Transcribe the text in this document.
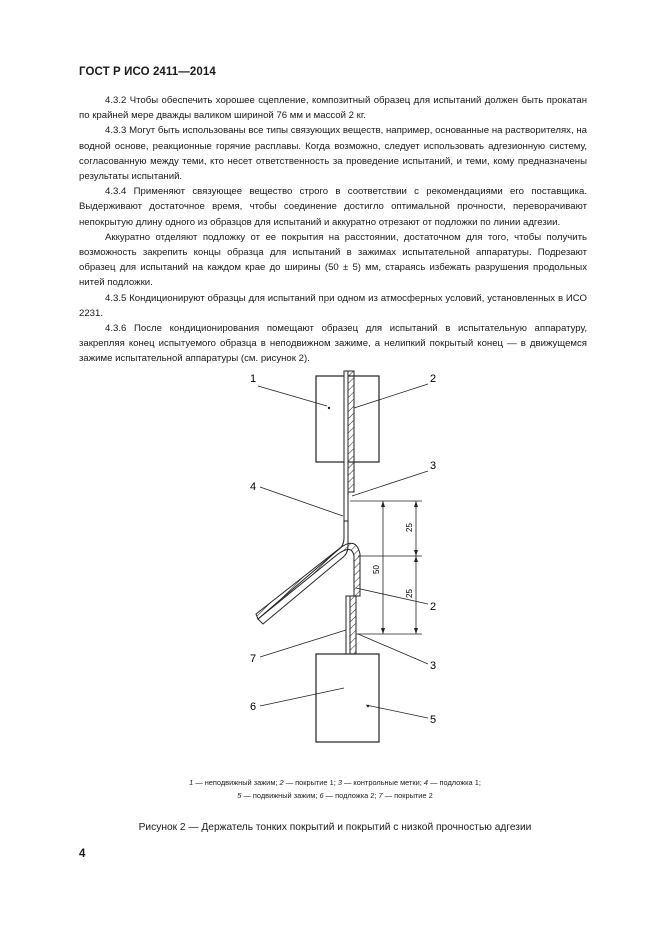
ГОСТ Р ИСО 2411—2014

4.3.2 Чтобы обеспечить хорошее сцепление, композитный образец для испытаний должен быть прокатан по крайней мере дважды валиком шириной 76 мм и массой 2 кг.

4.3.3 Могут быть использованы все типы связующих веществ, например, основанные на растворителях, на водной основе, реакционные горячие расплавы. Когда возможно, следует использовать адгезионную систему, согласованную между теми, кто несет ответственность за проведение испытаний, и теми, кому предназначены результаты испытаний.

4.3.4 Применяют связующее вещество строго в соответствии с рекомендациями его поставщика. Выдерживают достаточное время, чтобы соединение достигло оптимальной прочности, переворачивают непокрытую длину одного из образцов для испытаний и аккуратно отрезают от подложки по линии адгезии.

Аккуратно отделяют подложку от ее покрытия на расстоянии, достаточном для того, чтобы получить возможность закрепить концы образца для испытаний в зажимах испытательной аппаратуры. Подрезают образец для испытаний на каждом крае до ширины (50 ± 5) мм, стараясь избежать разрушения продольных нитей подложки.

4.3.5 Кондиционируют образцы для испытаний при одном из атмосферных условий, установленных в ИСО 2231.

4.3.6 После кондиционирования помещают образец для испытаний в испытательную аппаратуру, закрепляя конец испытуемого образца в неподвижном зажиме, а нелипкий покрытый конец — в движущемся зажиме испытательной аппаратуры (см. рисунок 2).

25
50
25
1	2
3
4
2
7
3
6
5
1 — неподвижный зажим; 2 — покрытие 1; 3 — контрольные метки; 4 — подложка 1;
5 — подвижный зажим; 6 — подложка 2; 7 — покрытие 2
Рисунок 2 — Держатель тонких покрытий и покрытий с низкой прочностью адгезии
4
